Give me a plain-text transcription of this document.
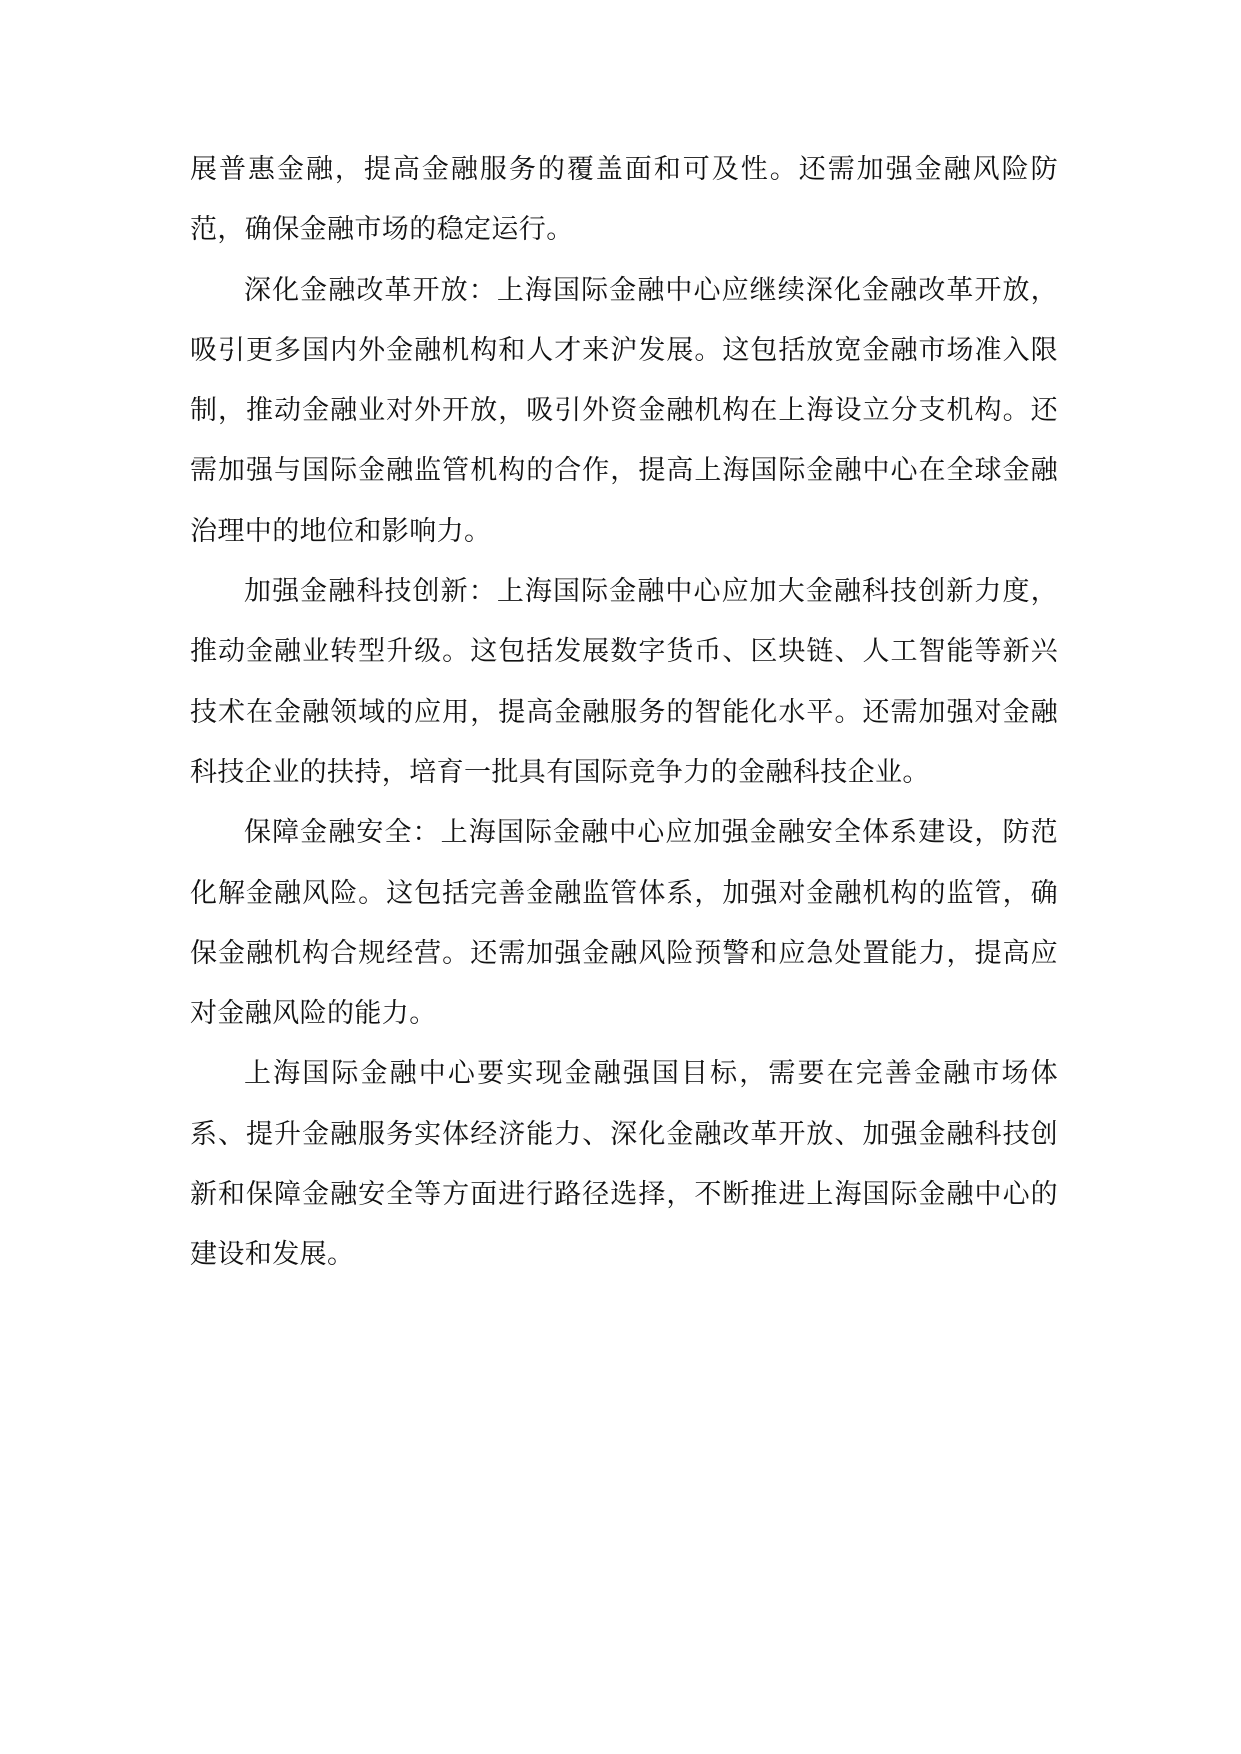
展普惠金融，提高金融服务的覆盖面和可及性。还需加强金融风险防范，确保金融市场的稳定运行。

深化金融改革开放：上海国际金融中心应继续深化金融改革开放，吸引更多国内外金融机构和人才来沪发展。这包括放宽金融市场准入限制，推动金融业对外开放，吸引外资金融机构在上海设立分支机构。还需加强与国际金融监管机构的合作，提高上海国际金融中心在全球金融治理中的地位和影响力。

加强金融科技创新：上海国际金融中心应加大金融科技创新力度，推动金融业转型升级。这包括发展数字货币、区块链、人工智能等新兴技术在金融领域的应用，提高金融服务的智能化水平。还需加强对金融科技企业的扶持，培育一批具有国际竞争力的金融科技企业。

保障金融安全：上海国际金融中心应加强金融安全体系建设，防范化解金融风险。这包括完善金融监管体系，加强对金融机构的监管，确保金融机构合规经营。还需加强金融风险预警和应急处置能力，提高应对金融风险的能力。

上海国际金融中心要实现金融强国目标，需要在完善金融市场体系、提升金融服务实体经济能力、深化金融改革开放、加强金融科技创新和保障金融安全等方面进行路径选择，不断推进上海国际金融中心的建设和发展。
